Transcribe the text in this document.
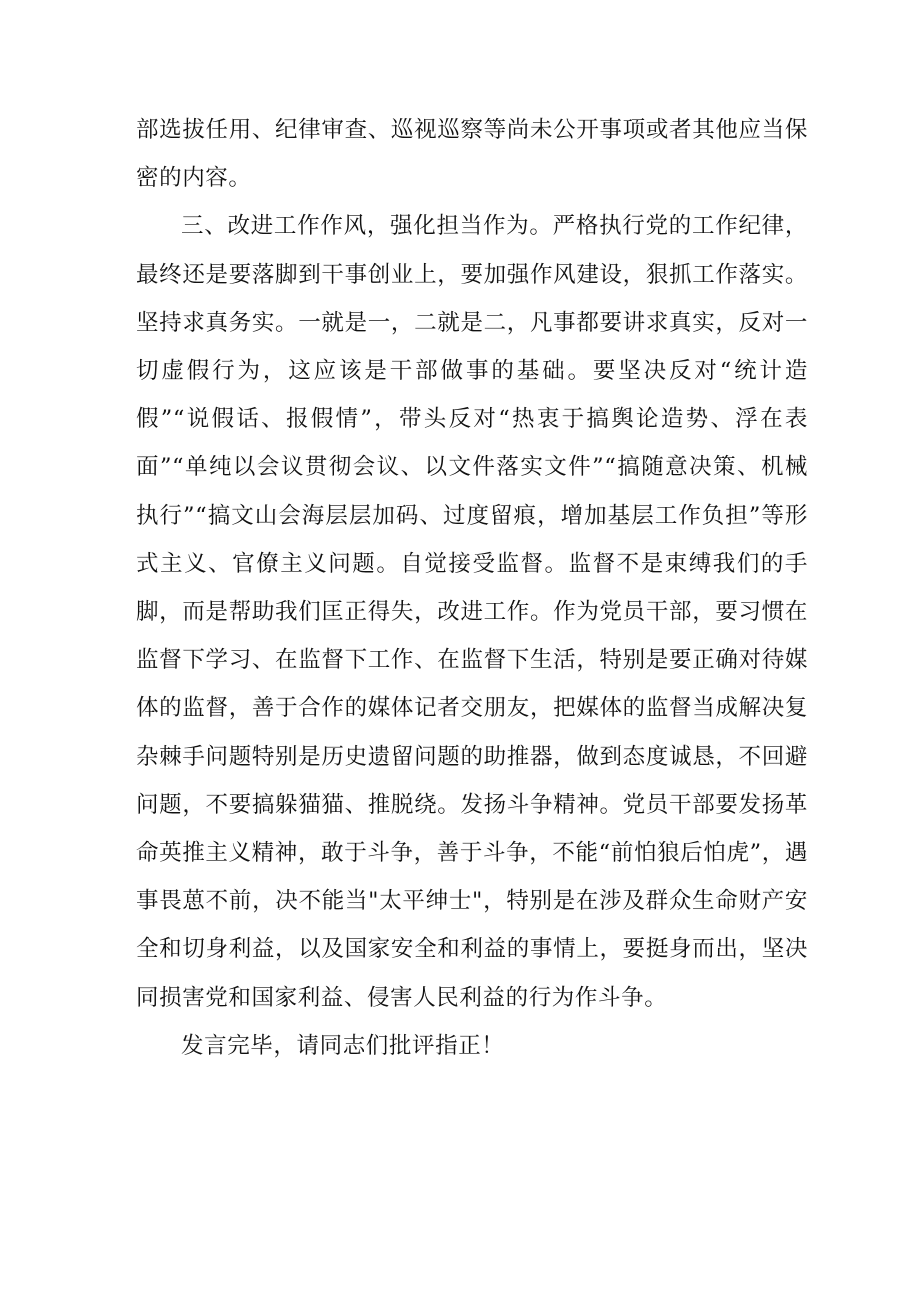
部选拔任用、纪律审查、巡视巡察等尚未公开事项或者其他应当保密的内容。

三、改进工作作风，强化担当作为。严格执行党的工作纪律，最终还是要落脚到干事创业上，要加强作风建设，狠抓工作落实。坚持求真务实。一就是一，二就是二，凡事都要讲求真实，反对一切虚假行为，这应该是干部做事的基础。要坚决反对“统计造假”“说假话、报假情”，带头反对“热衷于搞舆论造势、浮在表面”“单纯以会议贯彻会议、以文件落实文件”“搞随意决策、机械执行”“搞文山会海层层加码、过度留痕，增加基层工作负担”等形式主义、官僚主义问题。自觉接受监督。监督不是束缚我们的手脚，而是帮助我们匡正得失，改进工作。作为党员干部，要习惯在监督下学习、在监督下工作、在监督下生活，特别是要正确对待媒体的监督，善于合作的媒体记者交朋友，把媒体的监督当成解决复杂棘手问题特别是历史遗留问题的助推器，做到态度诚恳，不回避问题，不要搞躲猫猫、推脱绕。发扬斗争精神。党员干部要发扬革命英推主义精神，敢于斗争，善于斗争，不能“前怕狼后怕虎”，遇事畏葸不前，决不能当"太平绅士"，特别是在涉及群众生命财产安全和切身利益，以及国家安全和利益的事情上，要挺身而出，坚决同损害党和国家利益、侵害人民利益的行为作斗争。

发言完毕，请同志们批评指正！
